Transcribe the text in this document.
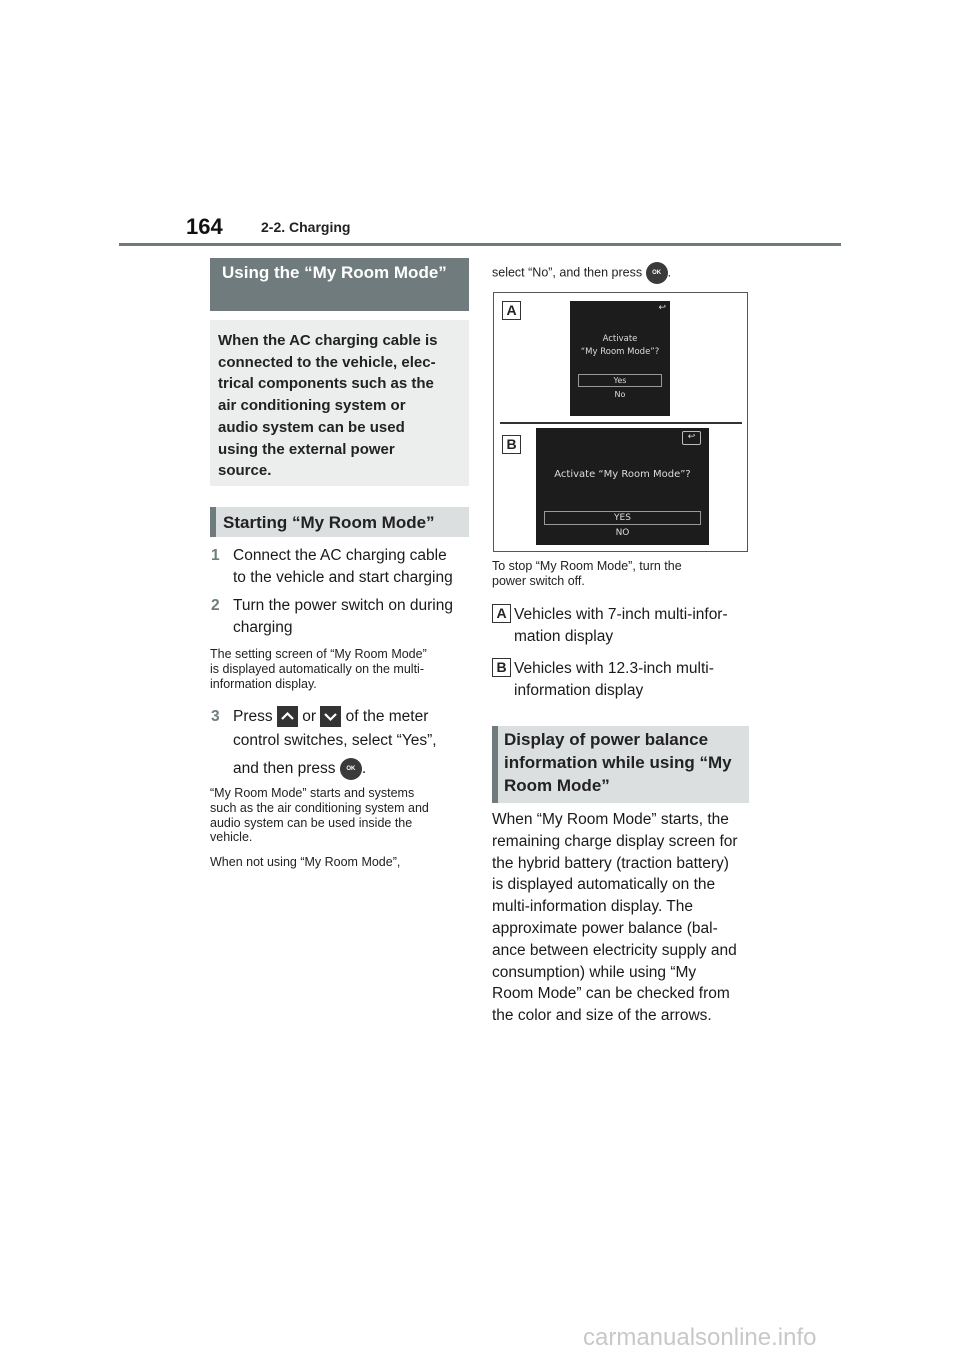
164	2-2. Charging
Using the “My Room Mode”
When the AC charging cable is
connected to the vehicle, elec-
trical components such as the
air conditioning system or
audio system can be used
using the external power
source.
Starting “My Room Mode”
1 Connect the AC charging cable
to the vehicle and start charging
2 Turn the power switch on during
charging
The setting screen of “My Room Mode”
is displayed automatically on the multi-
information display.
3 Press or of the meter
control switches, select “Yes”,
and then press OK .
“My Room Mode” starts and systems
such as the air conditioning system and
audio system can be used inside the
vehicle.
When not using “My Room Mode”,
select “No”, and then press OK .
A	↩
Activate
“My Room Mode”?
Yes
No
B	↩
Activate “My Room Mode”?
YES
NO
To stop “My Room Mode”, turn the
power switch off.
A Vehicles with 7-inch multi-infor-
mation display
B Vehicles with 12.3-inch multi-
information display
Display of power balance
information while using “My
Room Mode”
When “My Room Mode” starts, the
remaining charge display screen for
the hybrid battery (traction battery)
is displayed automatically on the
multi-information display. The
approximate power balance (bal-
ance between electricity supply and
consumption) while using “My
Room Mode” can be checked from
the color and size of the arrows.
carmanualsonline.info
